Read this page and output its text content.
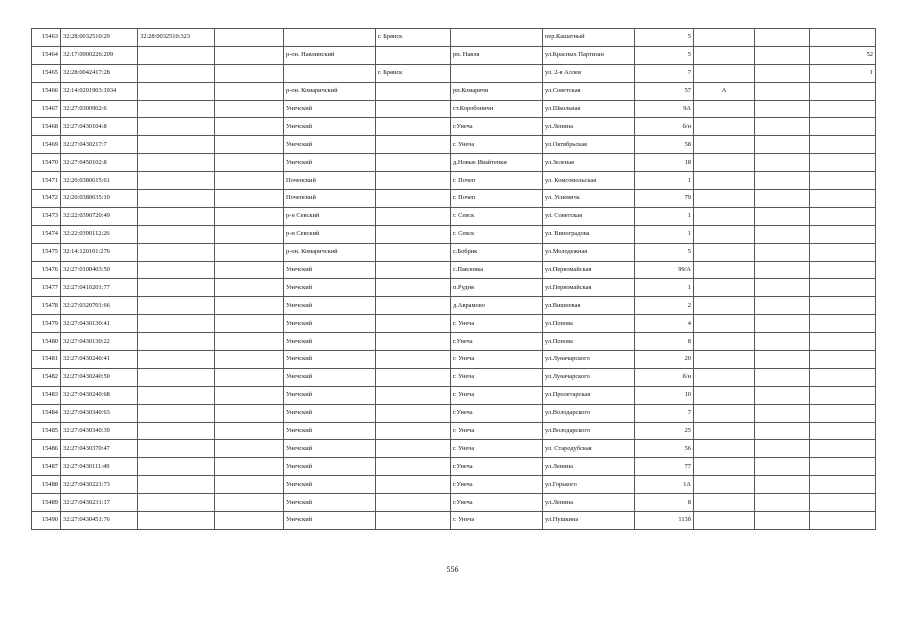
15463	32:28:0032510:29	32:28:0032510:323			г. Брянск		пер.Кашатный	5			
15464	32:17:0900226:209			р-он. Навлинский		рп. Навля	ул.Красных Партизан	5			52
15465	32:28:0042417:28				г. Брянск		ул. 2-я Аллея	7			1
15466	32:14:0201903:1934			р-он. Комаричский		рп.Комаричи	ул.Советская	57	А		
15467	32:27:0300902:6			Унечский		ст.Коробоничи	ул.Школьная	9А			
15468	32:27:0430104:8			Унечский		г.Унеча	ул.Ленина	б/н			
15469	32:27:0430217:7			Унечский		г. Унеча	ул.Октябрьская	58			
15470	32:27:0450102:8			Унечский		д.Новые Ивайтенки	ул.Зеленая	18			
15471	32:20:0380615:61			Почепский		г. Почеп	ул. Комсомольская	1			
15472	32:20:0380635:10			Почепский		г. Почеп	ул. Усиевича	79			
15473	32:22:0390720:49			р-н Севский		г. Севск	ул. Советская	1			
15474	32:22:0390112:26			р-н Севский		г. Севск	ул. Виноградова	1			
15475	32:14:120101:276			р-он. Комаричский		с.Бобрик	ул.Молодежная	5			
15476	32:27:0100403:50			Унечский		с.Павловка	ул.Первомайская	99/А			
15477	32:27:0410201:77			Унечский		п.Рудня	ул.Первомайская	1			
15478	32:27:0320701:66			Унечский		д.Аврамово	ул.Вишневая	2			
15479	32:27:0430130:41			Унечский		г. Унеча	ул.Попова	4			
15480	32:27:0430130:22			Унечский		г.Унеча	ул.Попова	8			
15481	32:27:0430240:41			Унечский		г. Унеча	ул.Луначарского	20			
15482	32:27:0430240:50			Унечский		г. Унеча	ул.Луначарского	б/н			
15483	32:27:0430240:68			Унечский		г. Унеча	ул.Пролетарская	10			
15484	32:27:0430340:63			Унечский		г.Унеча	ул.Володарского	7			
15485	32:27:0430340:39			Унечский		г. Унеча	ул.Володарского	25			
15486	32:27:0430370:47			Унечский		г. Унеча	ул. Стародубская	56			
15487	32:27:0430111:49			Унечский		г.Унеча	ул.Ленина	77			
15488	32:27:0430221:73			Унечский		г.Унеча	ул.Горького	1А			
15489	32:27:0430231:17			Унечский		г.Унеча	ул.Ленина	8			
15490	32:27:0430451:76			Унечский		г. Унеча	ул.Пушкина	113б			
556
